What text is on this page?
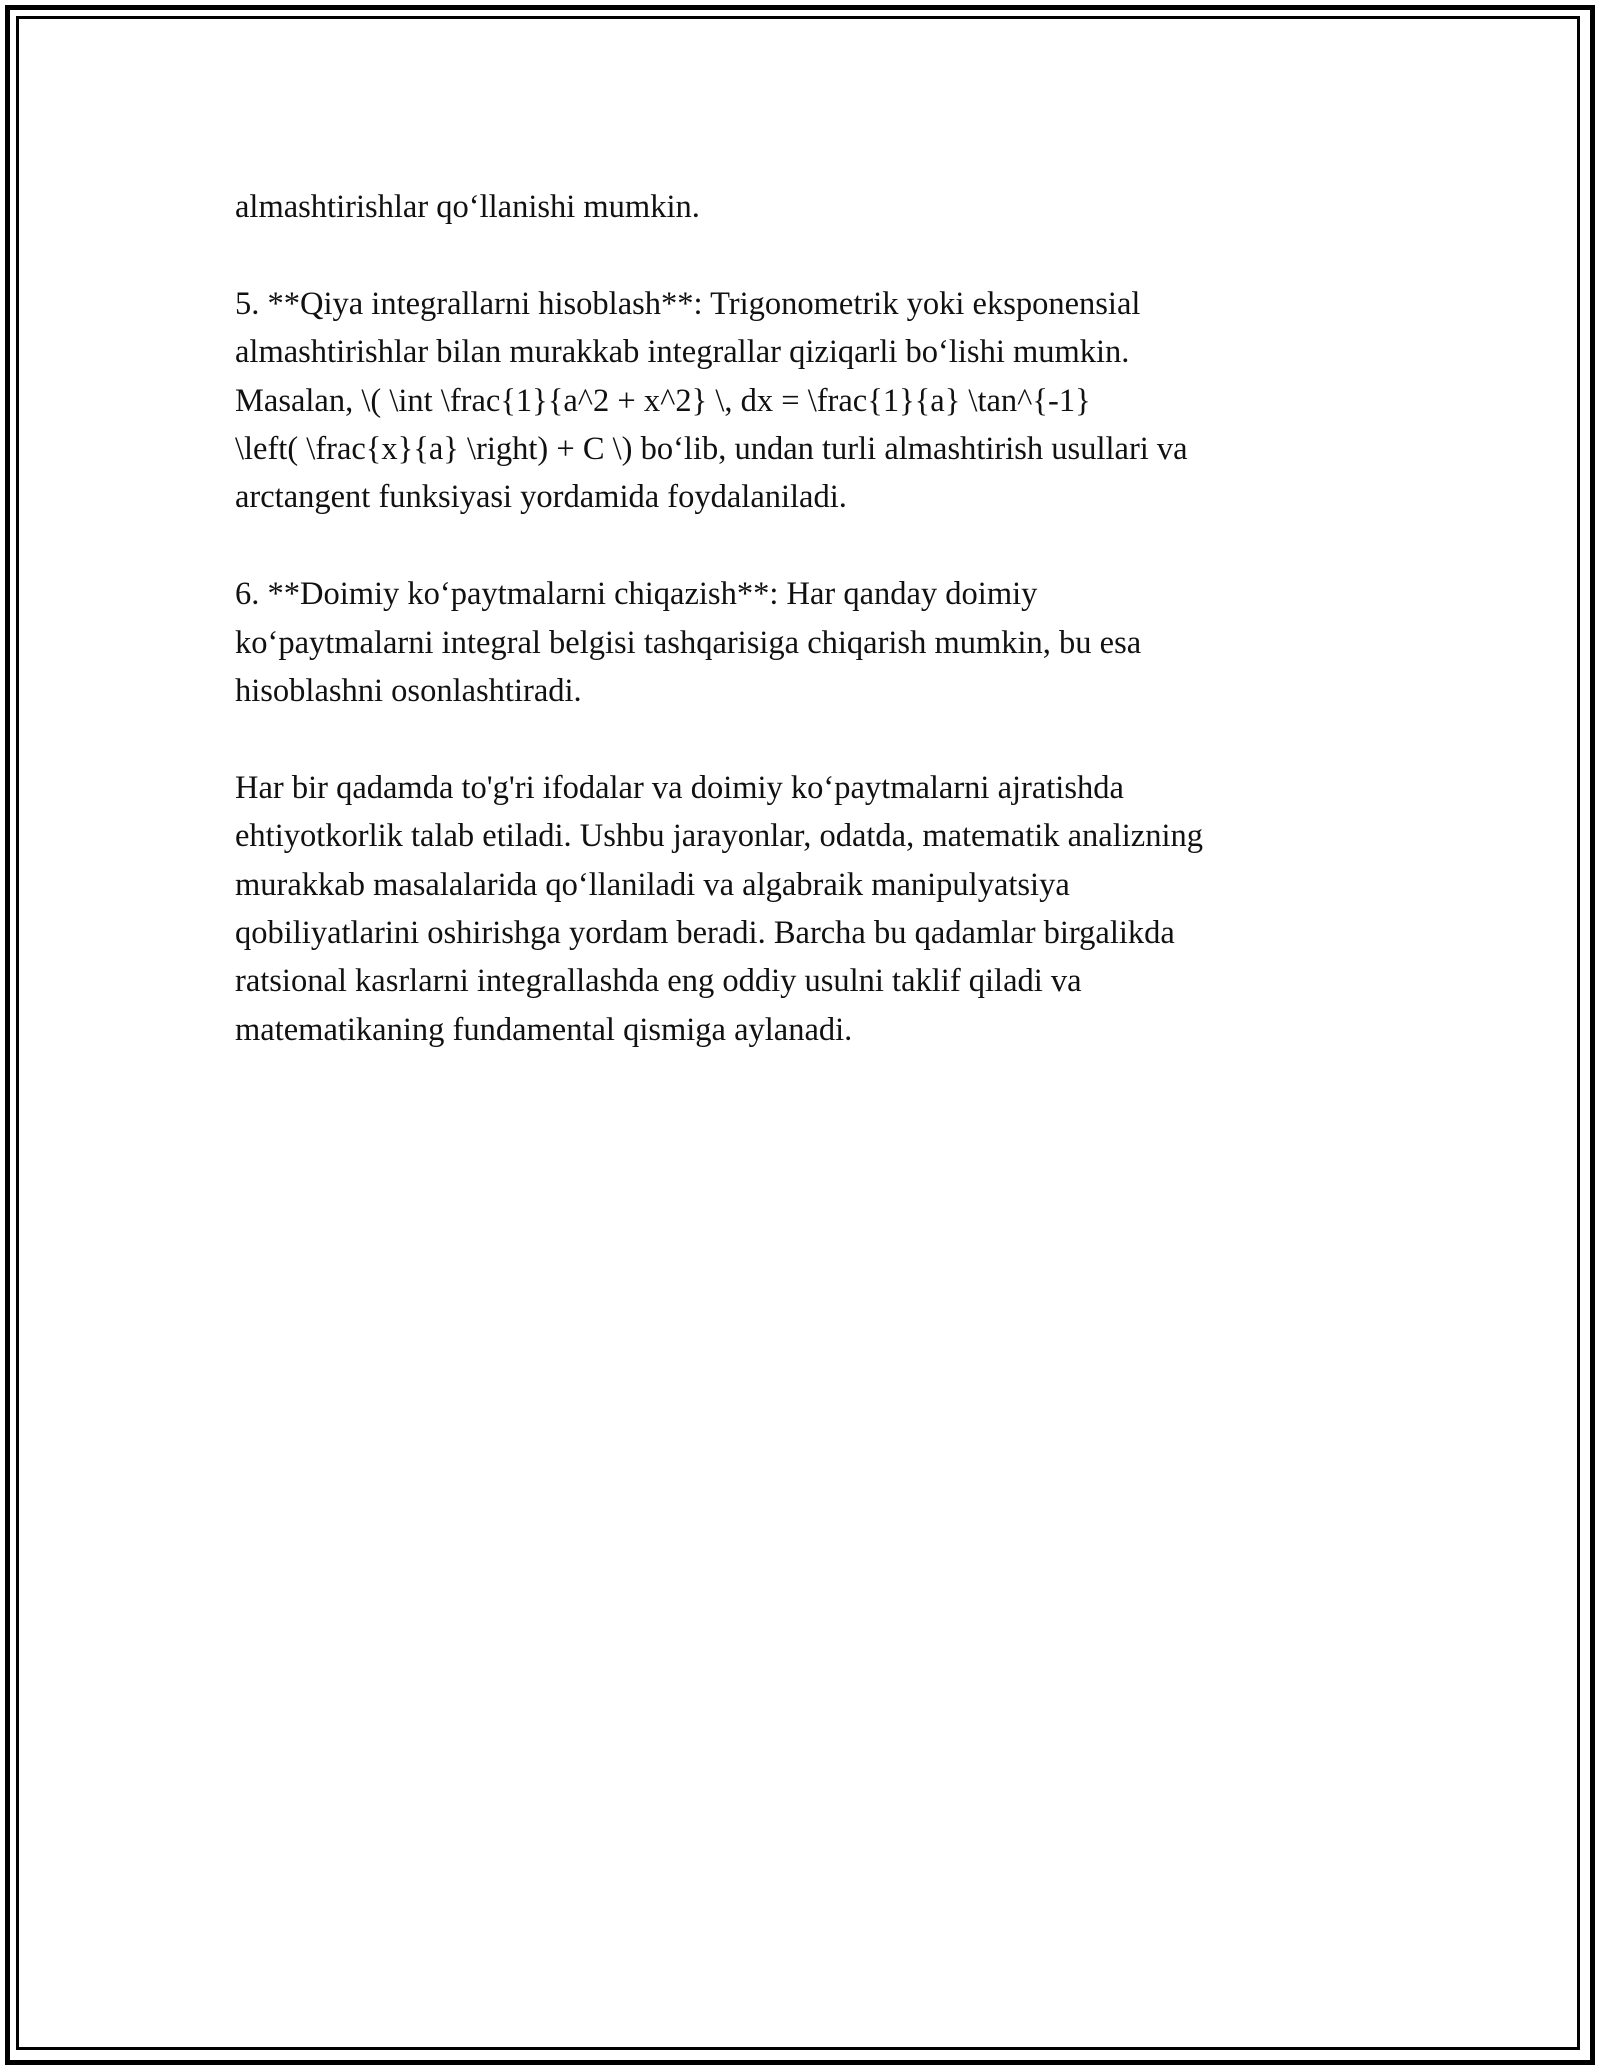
almashtirishlar qo‘llanishi mumkin.

5. **Qiya integrallarni hisoblash**: Trigonometrik yoki eksponensial
almashtirishlar bilan murakkab integrallar qiziqarli bo‘lishi mumkin.
Masalan, \( \int \frac{1}{a^2 + x^2} \, dx = \frac{1}{a} \tan^{-1}
\left( \frac{x}{a} \right) + C \) bo‘lib, undan turli almashtirish usullari va
arctangent funksiyasi yordamida foydalaniladi.

6. **Doimiy ko‘paytmalarni chiqazish**: Har qanday doimiy
ko‘paytmalarni integral belgisi tashqarisiga chiqarish mumkin, bu esa
hisoblashni osonlashtiradi.

Har bir qadamda to'g'ri ifodalar va doimiy ko‘paytmalarni ajratishda
ehtiyotkorlik talab etiladi. Ushbu jarayonlar, odatda, matematik analizning
murakkab masalalarida qo‘llaniladi va algabraik manipulyatsiya
qobiliyatlarini oshirishga yordam beradi. Barcha bu qadamlar birgalikda
ratsional kasrlarni integrallashda eng oddiy usulni taklif qiladi va
matematikaning fundamental qismiga aylanadi.
